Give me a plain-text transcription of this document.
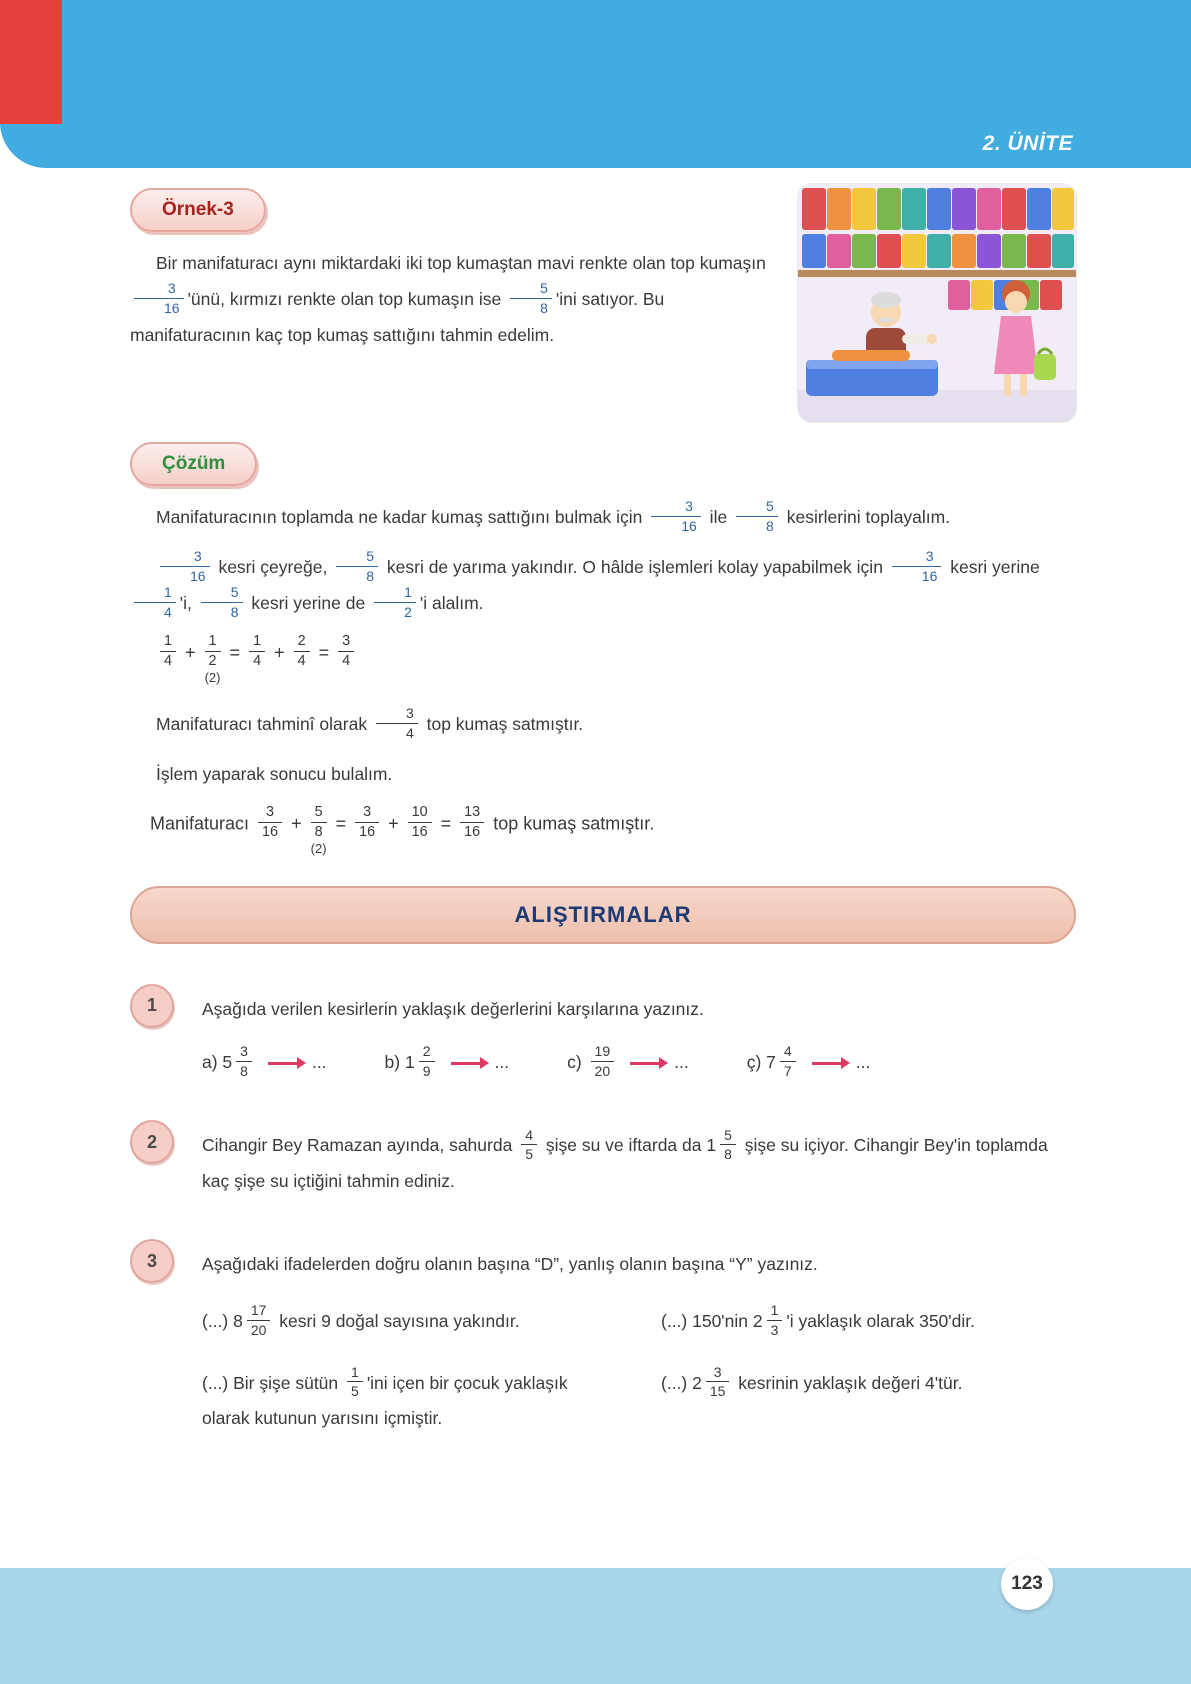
2. ÜNİTE
Örnek-3

Bir manifaturacı aynı miktardaki iki top kumaştan mavi renkte olan top kumaşın
$\frac{3}{16}$ 'ünü, kırmızı renkte olan top kumaşın ise $\frac{5}{8}$ 'ini satıyor. Bu manifaturacının kaç top kumaş sattığını tahmin edelim.

Çözüm

Manifaturacının toplamda ne kadar kumaş sattığını bulmak için $\frac{3}{16}$ ile $\frac{5}{8}$ kesirlerini toplayalım.

$\frac{3}{16}$ kesri çeyreğe, $\frac{5}{8}$ kesri de yarıma yakındır. O hâlde işlemleri kolay yapabilmek için $\frac{3}{16}$ kesri yerine
$\frac{1}{4}$ 'i, $\frac{5}{8}$ kesri yerine de $\frac{1}{2}$ 'i alalım.

$\frac{1}{4}$ +
1
2
(2)
= $\frac{1}{4} + \frac{2}{4} = \frac{3}{4}$

Manifaturacı tahminî olarak $\frac{3}{4}$ top kumaş satmıştır.

İşlem yaparak sonucu bulalım.

Manifaturacı $\frac{3}{16}$ +
5
8
(2)
= $\frac{3}{16} + \frac{10}{16} = \frac{13}{16}$ top kumaş satmıştır.
ALIŞTIRMALAR
1	Aşağıda verilen kesirlerin yaklaşık değerlerini karşılarına yazınız.

a) $5 \frac{3}{8}$	...	b) $1 \frac{2}{9}$	...	$c) \frac{19}{20}$	...	ç) $7 \frac{4}{7}$	...
2	Cihangir Bey Ramazan ayında, sahurda $\frac{4}{5}$ şişe su ve iftarda da $1 \frac{5}{8}$ şişe su içiyor. Cihangir Bey'in toplamda kaç şişe su içtiğini tahmin ediniz.

3	Aşağıdaki ifadelerden doğru olanın başına “D”, yanlış olanın başına “Y” yazınız.

(...) $8 \frac{17}{20}$ kesri 9 doğal sayısına yakındır.	(...) 150'nin $2 \frac{1}{3}$ 'i yaklaşık olarak 350'dir.
(...) Bir şişe sütün $\frac{1}{5}$ 'ini içen bir çocuk yaklaşık olarak kutunun yarısını içmiştir.
(...) $2 \frac{3}{15}$ kesrinin yaklaşık değeri 4'tür.
123
